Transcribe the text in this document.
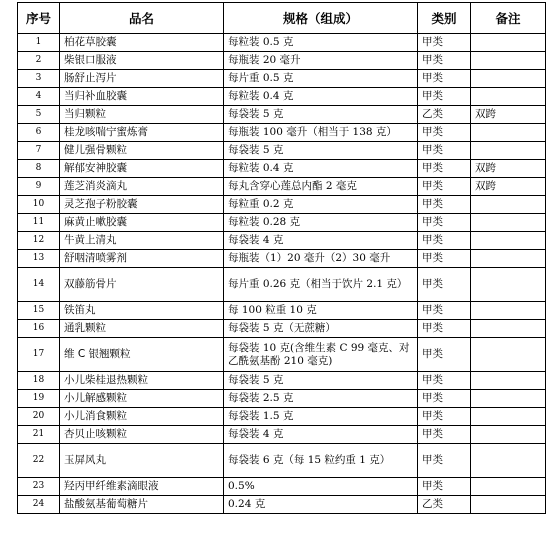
序号	品名	规格（组成）	类别	备注
1	柏花草胶囊	每粒装 0.5 克	甲类	
2	柴银口服液	每瓶装 20 毫升	甲类	
3	肠舒止泻片	每片重 0.5 克	甲类	
4	当归补血胶囊	每粒装 0.4 克	甲类	
5	当归颗粒	每袋装 5 克	乙类	双跨
6	桂龙咳喘宁蜜炼膏	每瓶装 100 毫升（相当于 138 克）	甲类	
7	健儿强骨颗粒	每袋装 5 克	甲类	
8	解郁安神胶囊	每粒装 0.4 克	甲类	双跨
9	莲芝消炎滴丸	每丸含穿心莲总内酯 2 毫克	甲类	双跨
10	灵芝孢子粉胶囊	每粒重 0.2 克	甲类	
11	麻黄止嗽胶囊	每粒装 0.28 克	甲类	
12	牛黄上清丸	每袋装 4 克	甲类	
13	舒咽清喷雾剂	每瓶装（1）20 毫升（2）30 毫升	甲类	
14	双藤筋骨片	每片重 0.26 克（相当于饮片 2.1 克）	甲类	
15	铁笛丸	每 100 粒重 10 克	甲类	
16	通乳颗粒	每袋装 5 克（无蔗糖）	甲类	
17	维 C 银翘颗粒	每袋装 10 克(含维生素 C 99 毫克、对乙酰氨基酚 210 毫克)	甲类	
18	小儿柴桂退热颗粒	每袋装 5 克	甲类	
19	小儿解感颗粒	每袋装 2.5 克	甲类	
20	小儿消食颗粒	每袋装 1.5 克	甲类	
21	杏贝止咳颗粒	每袋装 4 克	甲类	
22	玉屏风丸	每袋装 6 克（每 15 粒约重 1 克）	甲类	
23	羟丙甲纤维素滴眼液	0.5%	甲类	
24	盐酸氨基葡萄糖片	0.24 克	乙类	
